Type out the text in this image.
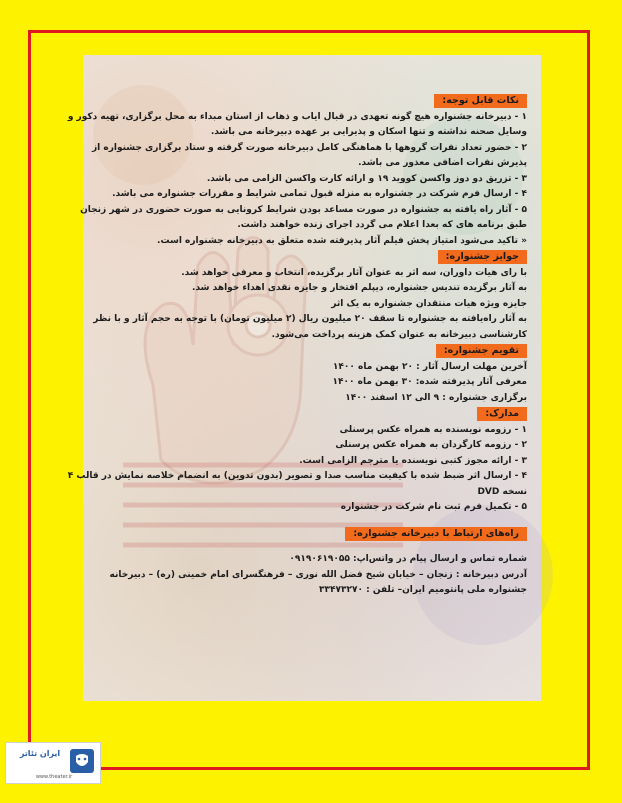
نکات قابل توجه:
۱ - دبیرخانه جشنواره هیچ گونه تعهدی در قبال ایاب و ذهاب از استان مبداء به محل برگزاری، تهیه دکور و
وسایل صحنه نداشته و تنها اسکان و پذیرایی بر عهده دبیرخانه می باشد.
۲ - حضور تعداد نفرات گروهها با هماهنگی کامل دبیرخانه صورت گرفته و ستاد برگزاری جشنواره از
پذیرش نفرات اضافی معذور می باشد.
۳ - تزریق دو دوز واکسن کووید ۱۹ و ارائه کارت واکسن الزامی می باشد.
۴ - ارسال فرم شرکت در جشنواره به منزله قبول تمامی شرایط و مقررات جشنواره می باشد.
۵ - آثار راه یافته به جشنواره در صورت مساعد بودن شرایط کرونایی به صورت حضوری در شهر زنجان
طبق برنامه های که بعدا اعلام می گردد اجرای زنده خواهند داشت.
« تاکید می‌شود امتیاز پخش فیلم آثار پذیرفته شده متعلق به دبیرخانه جشنواره است.
جوایز جشنواره:
با رای هیات داوران، سه اثر به عنوان آثار برگزیده، انتخاب و معرفی خواهد شد.
به آثار برگزیده تندیس جشنواره، دیپلم افتخار و جایزه نقدی اهداء خواهد شد.
جایزه ویژه هیات منتقدان جشنواره به یک اثر
به آثار راه‌یافته به جشنواره تا سقف ۲۰ میلیون ریال (۲ میلیون تومان) با توجه به حجم آثار و با نظر
کارشناسی دبیرخانه به عنوان کمک هزینه پرداخت می‌شود.
تقویم جشنواره:
آخرین مهلت ارسال آثار : ۲۰ بهمن ماه ۱۴۰۰
معرفی آثار پذیرفته شده: ۳۰ بهمن ماه ۱۴۰۰
برگزاری جشنواره : ۹ الی ۱۲ اسفند ۱۴۰۰
مدارک:
۱ - رزومه نویسنده به همراه عکس پرسنلی
۲ - رزومه کارگردان به همراه عکس پرسنلی
۳ - ارائه مجوز کتبی نویسنده یا مترجم الزامی است.
۴ - ارسال اثر ضبط شده با کیفیت مناسب صدا و تصویر (بدون تدوین) به انضمام خلاصه نمایش در قالب ۴
نسخه DVD
۵ - تکمیل فرم ثبت نام شرکت در جشنواره
راه‌های ارتباط با دبیرخانه جشنواره:
شماره تماس و ارسال پیام در واتس‌اپ: ۰۹۱۹۰۶۱۹۰۵۵
آدرس دبیرخانه : زنجان – خیابان شیخ فضل الله نوری – فرهنگسرای امام خمینی (ره) – دبیرخانه
جشنواره ملی پانتومیم ایران– تلفن : ۳۳۴۷۳۲۷۰
ایران تئاتر
www.theater.ir
